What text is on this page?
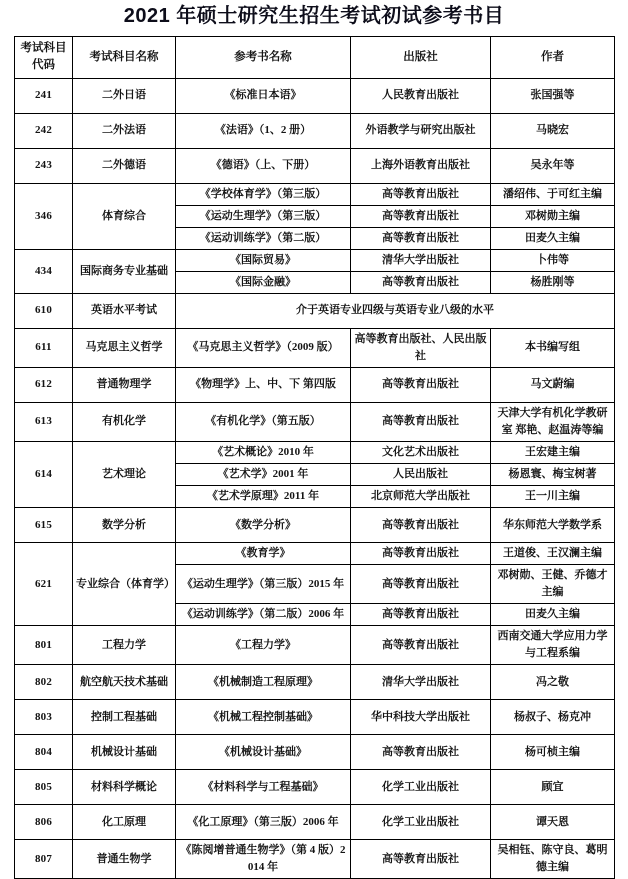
2021 年硕士研究生招生考试初试参考书目
考试科目
代码	考试科目名称	参考书名称	出版社	作者
241	二外日语	《标准日本语》	人民教育出版社	张国强等
242	二外法语	《法语》（1、2 册）	外语教学与研究出版社	马晓宏
243	二外德语	《德语》（上、下册）	上海外语教育出版社	吴永年等
346	体育综合	《学校体育学》（第三版）	高等教育出版社	潘绍伟、于可红主编
		《运动生理学》（第三版）	高等教育出版社	邓树勋主编
		《运动训练学》（第二版）	高等教育出版社	田麦久主编
434	国际商务专业基础	《国际贸易》	清华大学出版社	卜伟等
		《国际金融》	高等教育出版社	杨胜刚等
610	英语水平考试	介于英语专业四级与英语专业八级的水平		
611	马克思主义哲学	《马克思主义哲学》（2009 版）	高等教育出版社、人民出版社	本书编写组
612	普通物理学	《物理学》上、中、下 第四版	高等教育出版社	马文蔚编
613	有机化学	《有机化学》（第五版）	高等教育出版社	天津大学有机化学教研室 郑艳、赵温涛等编
614	艺术理论	《艺术概论》2010 年	文化艺术出版社	王宏建主编
		《艺术学》2001 年	人民出版社	杨恩寰、梅宝树著
		《艺术学原理》2011 年	北京师范大学出版社	王一川主编
615	数学分析	《数学分析》	高等教育出版社	华东师范大学数学系
621	专业综合（体育学）	《教育学》	高等教育出版社	王道俊、王汉澜主编
		《运动生理学》（第三版）2015 年	高等教育出版社	邓树勋、王健、乔德才主编
		《运动训练学》（第二版）2006 年	高等教育出版社	田麦久主编
801	工程力学	《工程力学》	高等教育出版社	西南交通大学应用力学与工程系编
802	航空航天技术基础	《机械制造工程原理》	清华大学出版社	冯之敬
803	控制工程基础	《机械工程控制基础》	华中科技大学出版社	杨叔子、杨克冲
804	机械设计基础	《机械设计基础》	高等教育出版社	杨可桢主编
805	材料科学概论	《材料科学与工程基础》	化学工业出版社	顾宜
806	化工原理	《化工原理》（第三版）2006 年	化学工业出版社	谭天恩
807	普通生物学	《陈阅增普通生物学》（第 4 版）2014 年	高等教育出版社	吴相钰、陈守良、葛明德主编
